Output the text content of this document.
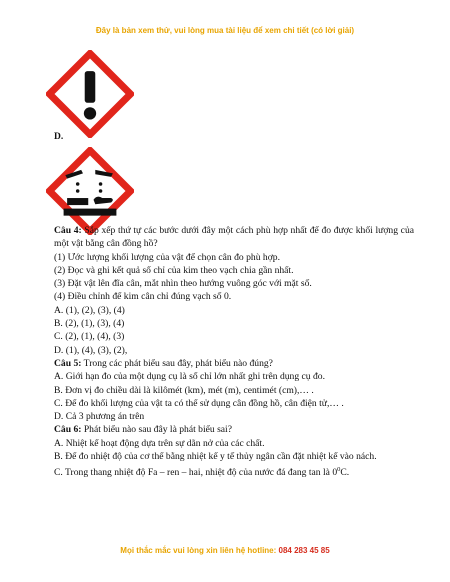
Đây là bản xem thử, vui lòng mua tài liệu để xem chi tiết (có lời giải)
D.

Câu 4: Sắp xếp thứ tự các bước dưới đây một cách phù hợp nhất để đo được khối lượng của một vật bằng cân đồng hồ?

(1) Ước lượng khối lượng của vật để chọn cân đo phù hợp.

(2) Đọc và ghi kết quả số chỉ của kim theo vạch chia gần nhất.

(3) Đặt vật lên đĩa cân, mắt nhìn theo hướng vuông góc với mặt số.

(4) Điều chỉnh để kim cân chỉ đúng vạch số 0.

A. (1), (2), (3), (4)

B. (2), (1), (3), (4)

C. (2), (1), (4), (3)

D. (1), (4), (3), (2),

Câu 5: Trong các phát biểu sau đây, phát biểu nào đúng?

A. Giới hạn đo của một dụng cụ là số chỉ lớn nhất ghi trên dụng cụ đo.

B. Đơn vị đo chiều dài là kilômét (km), mét (m), centimét (cm),… .

C. Để đo khối lượng của vật ta có thể sử dụng cân đồng hồ, cân điện tử,… .

D. Cả 3 phương án trên

Câu 6: Phát biểu nào sau đây là phát biểu sai?

A. Nhiệt kế hoạt động dựa trên sự dãn nở của các chất.

B. Để đo nhiệt độ của cơ thể bằng nhiệt kế y tế thủy ngân cần đặt nhiệt kế vào nách.

C. Trong thang nhiệt độ Fa – ren – hai, nhiệt độ của nước đá đang tan là $0^0C$.

Mọi thắc mắc vui lòng xin liên hệ hotline: 084 283 45 85
